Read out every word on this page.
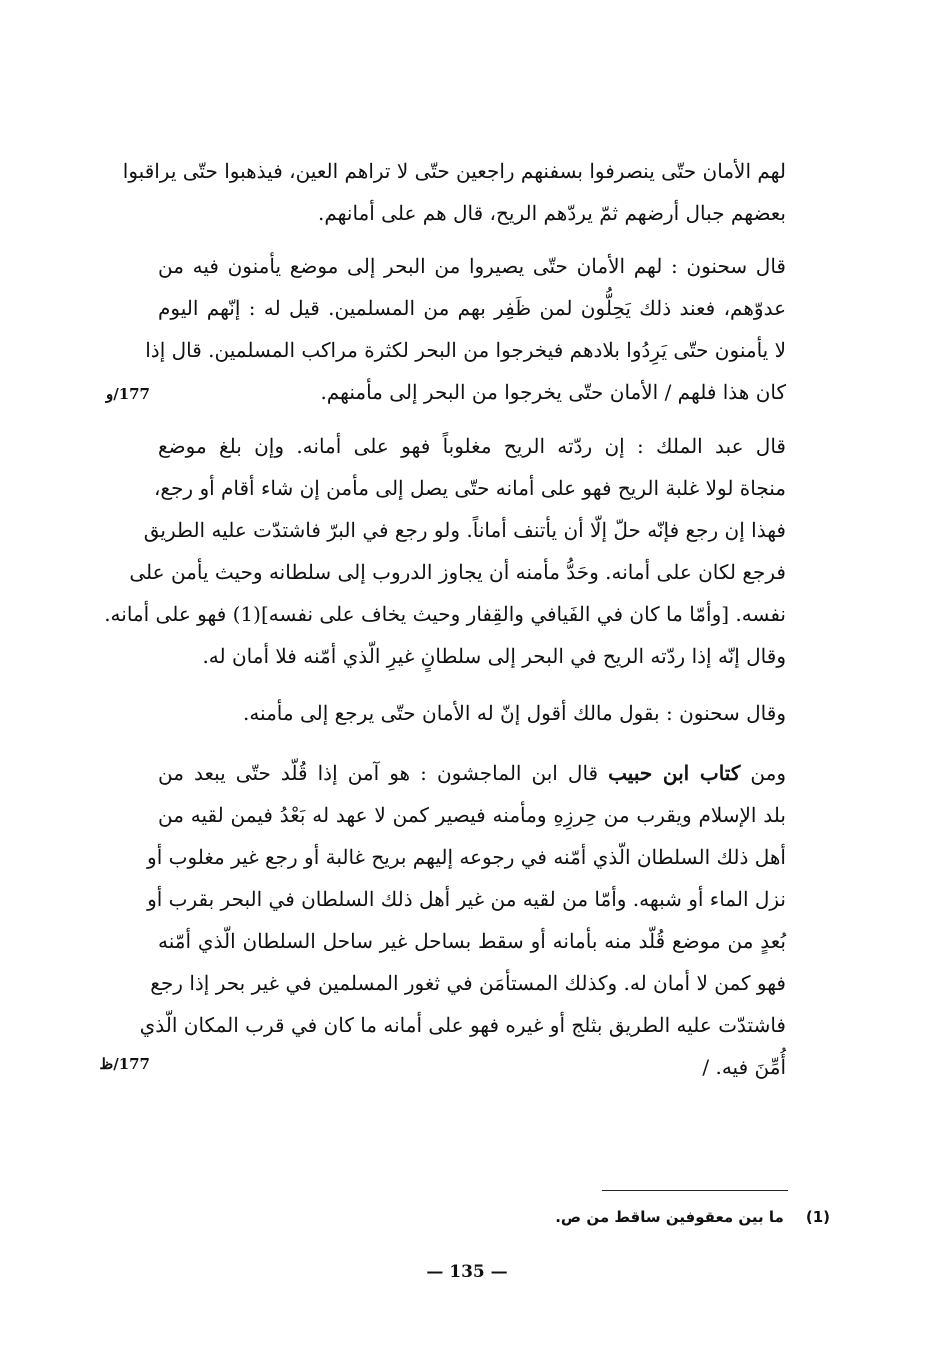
لهم الأمان حتّى ينصرفوا بسفنهم راجعين حتّى لا تراهم العين، فيذهبوا حتّى يراقبوا
بعضهم جبال أرضهم ثمّ يردّهم الريح، قال هم على أمانهم.
قال سحنون : لهم الأمان حتّى يصيروا من البحر إلى موضع يأمنون فيه من
عدوّهم، فعند ذلك يَحِلُّون لمن ظَفِر بهم من المسلمين. قيل له : إنّهم اليوم
لا يأمنون حتّى يَرِدُوا بلادهم فيخرجوا من البحر لكثرة مراكب المسلمين. قال إذا
كان هذا فلهم / الأمان حتّى يخرجوا من البحر إلى مأمنهم.
قال عبد الملك : إن ردّته الريح مغلوباً فهو على أمانه. وإن بلغ موضع
منجاة لولا غلبة الريح فهو على أمانه حتّى يصل إلى مأمن إن شاء أقام أو رجع،
فهذا إن رجع فإنّه حلّ إلّا أن يأتنف أماناً. ولو رجع في البرّ فاشتدّت عليه الطريق
فرجع لكان على أمانه. وحَدُّ مأمنه أن يجاوز الدروب إلى سلطانه وحيث يأمن على
نفسه. [وأمّا ما كان في الفَيافي والقِفار وحيث يخاف على نفسه](1) فهو على أمانه.
وقال إنّه إذا ردّته الريح في البحر إلى سلطانٍ غيرِ الّذي أمّنه فلا أمان له.
وقال سحنون : بقول مالك أقول إنّ له الأمان حتّى يرجع إلى مأمنه.
ومن كتاب ابن حبيب قال ابن الماجشون : هو آمن إذا قُلّد حتّى يبعد من
بلد الإسلام ويقرب من حِرزِهِ ومأمنه فيصير كمن لا عهد له بَعْدُ فيمن لقيه من
أهل ذلك السلطان الّذي أمّنه في رجوعه إليهم بريح غالبة أو رجع غير مغلوب أو
نزل الماء أو شبهه. وأمّا من لقيه من غير أهل ذلك السلطان في البحر بقرب أو
بُعدٍ من موضع قُلّد منه بأمانه أو سقط بساحل غير ساحل السلطان الّذي أمّنه
فهو كمن لا أمان له. وكذلك المستأمَن في ثغور المسلمين في غير بحر إذا رجع
فاشتدّت عليه الطريق بثلج أو غيره فهو على أمانه ما كان في قرب المكان الّذي
أُمِّنَ فيه. /
177/و
177/ظ
(1)ما بين معقوفين ساقط من ص.
— 135 —
